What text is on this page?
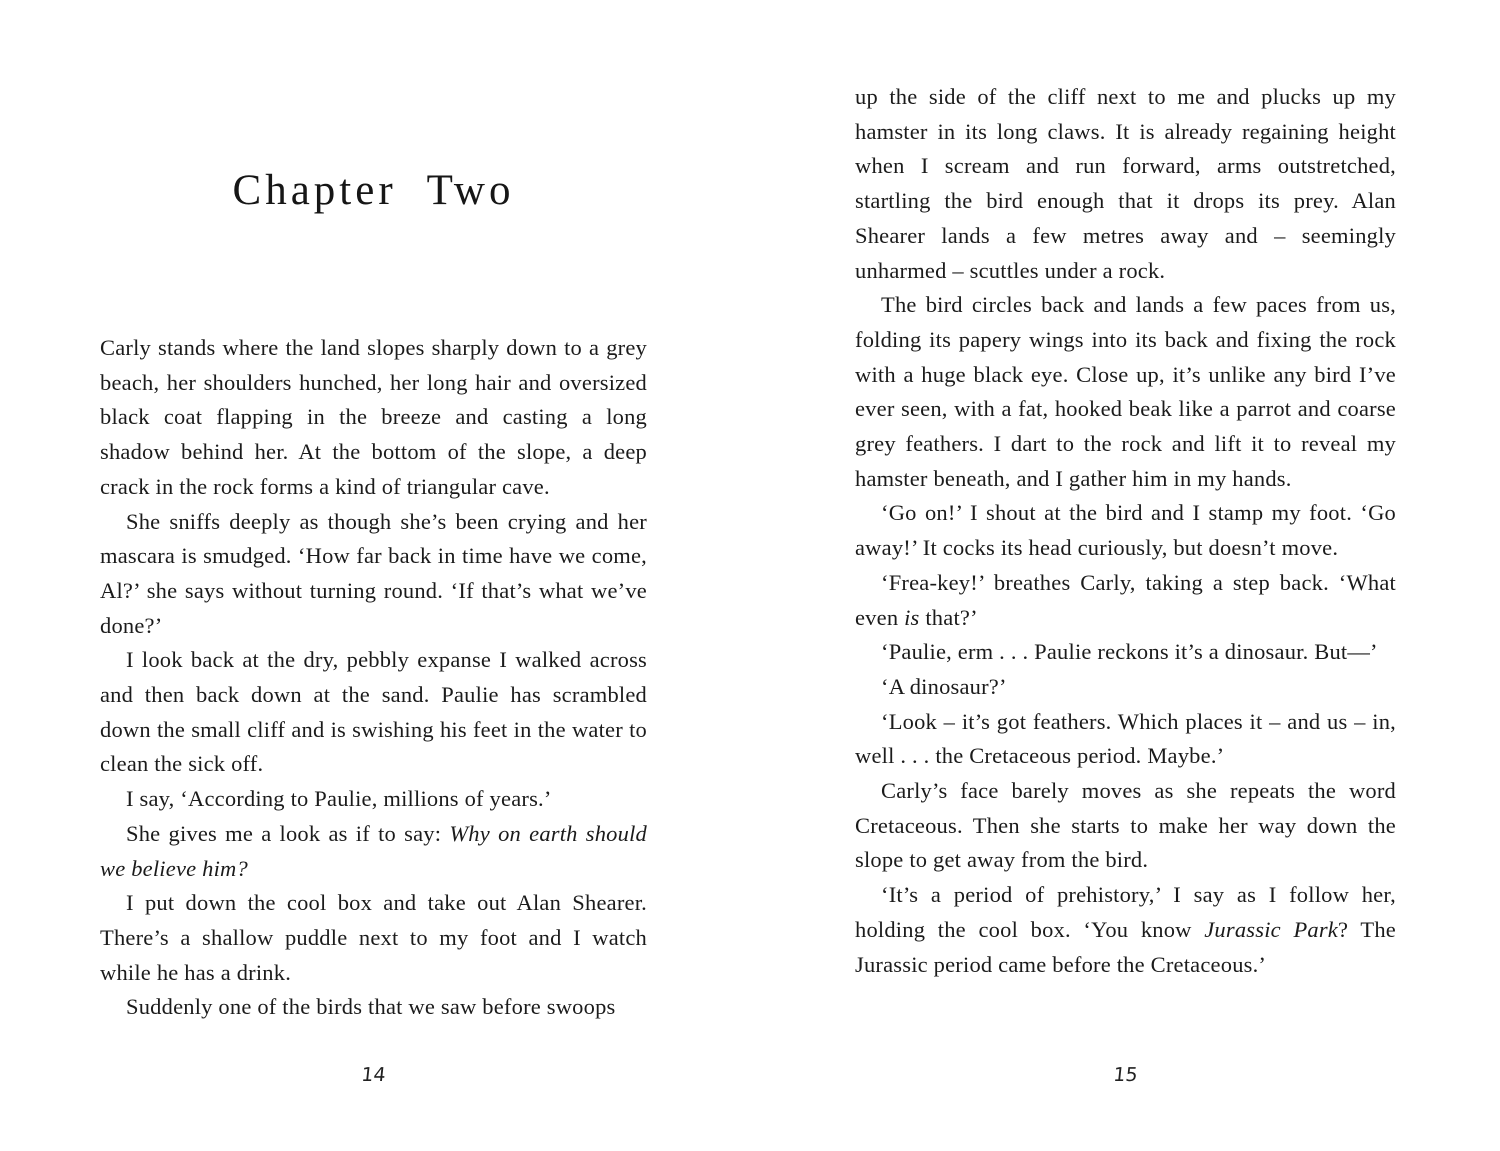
Chapter Two

Carly stands where the land slopes sharply down to a grey beach, her shoulders hunched, her long hair and oversized black coat flapping in the breeze and casting a long shadow behind her. At the bottom of the slope, a deep crack in the rock forms a kind of triangular cave.

She sniffs deeply as though she’s been crying and her mascara is smudged. ‘How far back in time have we come, Al?’ she says without turning round. ‘If that’s what we’ve done?’

I look back at the dry, pebbly expanse I walked across and then back down at the sand. Paulie has scrambled down the small cliff and is swishing his feet in the water to clean the sick off.

I say, ‘According to Paulie, millions of years.’

She gives me a look as if to say: Why on earth should we believe him?

I put down the cool box and take out Alan Shearer. There’s a shallow puddle next to my foot and I watch while he has a drink.

Suddenly one of the birds that we saw before swoops

14

up the side of the cliff next to me and plucks up my hamster in its long claws. It is already regaining height when I scream and run forward, arms outstretched, startling the bird enough that it drops its prey. Alan Shearer lands a few metres away and – seemingly unharmed – scuttles under a rock.

The bird circles back and lands a few paces from us, folding its papery wings into its back and fixing the rock with a huge black eye. Close up, it’s unlike any bird I’ve ever seen, with a fat, hooked beak like a parrot and coarse grey feathers. I dart to the rock and lift it to reveal my hamster beneath, and I gather him in my hands.

‘Go on!’ I shout at the bird and I stamp my foot. ‘Go away!’ It cocks its head curiously, but doesn’t move.

‘Frea-key!’ breathes Carly, taking a step back. ‘What even is that?’

‘Paulie, erm . . . Paulie reckons it’s a dinosaur. But—’

‘A dinosaur?’

‘Look – it’s got feathers. Which places it – and us – in, well . . . the Cretaceous period. Maybe.’

Carly’s face barely moves as she repeats the word Cretaceous. Then she starts to make her way down the slope to get away from the bird.

‘It’s a period of prehistory,’ I say as I follow her, holding the cool box. ‘You know Jurassic Park? The Jurassic period came before the Cretaceous.’

15
